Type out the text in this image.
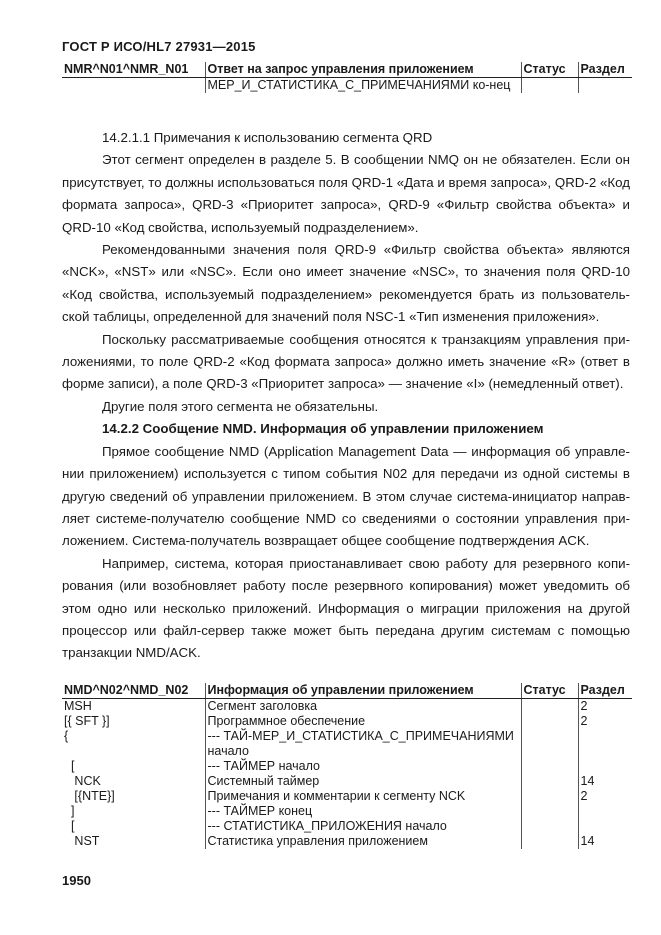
ГОСТ Р ИСО/HL7 27931—2015
NMR^N01^NMR_N01	Ответ на запрос управления приложением	Статус	Раздел
	МЕР_И_СТАТИСТИКА_С_ПРИМЕЧАНИЯМИ ко-нец		

14.2.1.1 Примечания к использованию сегмента QRD

Этот сегмент определен в разделе 5. В сообщении NMQ он не обязателен. Если он присутствует, то должны использоваться поля QRD-1 «Дата и время запроса», QRD-2 «Код формата запроса», QRD-3 «Приоритет запроса», QRD-9 «Фильтр свойства объекта» и QRD-10 «Код свойства, используемый подразделением».

Рекомендованными значения поля QRD-9 «Фильтр свойства объекта» являются «NCK», «NST» или «NSC». Если оно имеет значение «NSC», то значения поля QRD-10 «Код свойства, используемый подразделением» рекомендуется брать из пользователь-ской таблицы, определенной для значений поля NSC-1 «Тип изменения приложения».

Поскольку рассматриваемые сообщения относятся к транзакциям управления при-ложениями, то поле QRD-2 «Код формата запроса» должно иметь значение «R» (ответ в форме записи), а поле QRD-3 «Приоритет запроса» — значение «I» (немедленный ответ).

Другие поля этого сегмента не обязательны.

14.2.2 Сообщение NMD. Информация об управлении приложением

Прямое сообщение NMD (Application Management Data — информация об управле-нии приложением) используется с типом события N02 для передачи из одной системы в другую сведений об управлении приложением. В этом случае система-инициатор направ-ляет системе-получателю сообщение NMD со сведениями о состоянии управления при-ложением. Система-получатель возвращает общее сообщение подтверждения ACK.

Например, система, которая приостанавливает свою работу для резервного копи-рования (или возобновляет работу после резервного копирования) может уведомить об этом одно или несколько приложений. Информация о миграции приложения на другой процессор или файл-сервер также может быть передана другим системам с помощью транзакции NMD/ACK.

NMD^N02^NMD_N02	Информация об управлении приложением	Статус	Раздел
MSH	Сегмент заголовка		2
[{ SFT }]	Программное обеспечение		2
{	--- ТАЙ-МЕР_И_СТАТИСТИКА_С_ПРИМЕЧАНИЯМИ начало		
[	--- ТАЙМЕР начало		
NCK	Системный таймер		14
[{NTE}]	Примечания и комментарии к сегменту NCK		2
]	--- ТАЙМЕР конец		
[	--- СТАТИСТИКА_ПРИЛОЖЕНИЯ начало		
NST	Статистика управления приложением		14
1950
